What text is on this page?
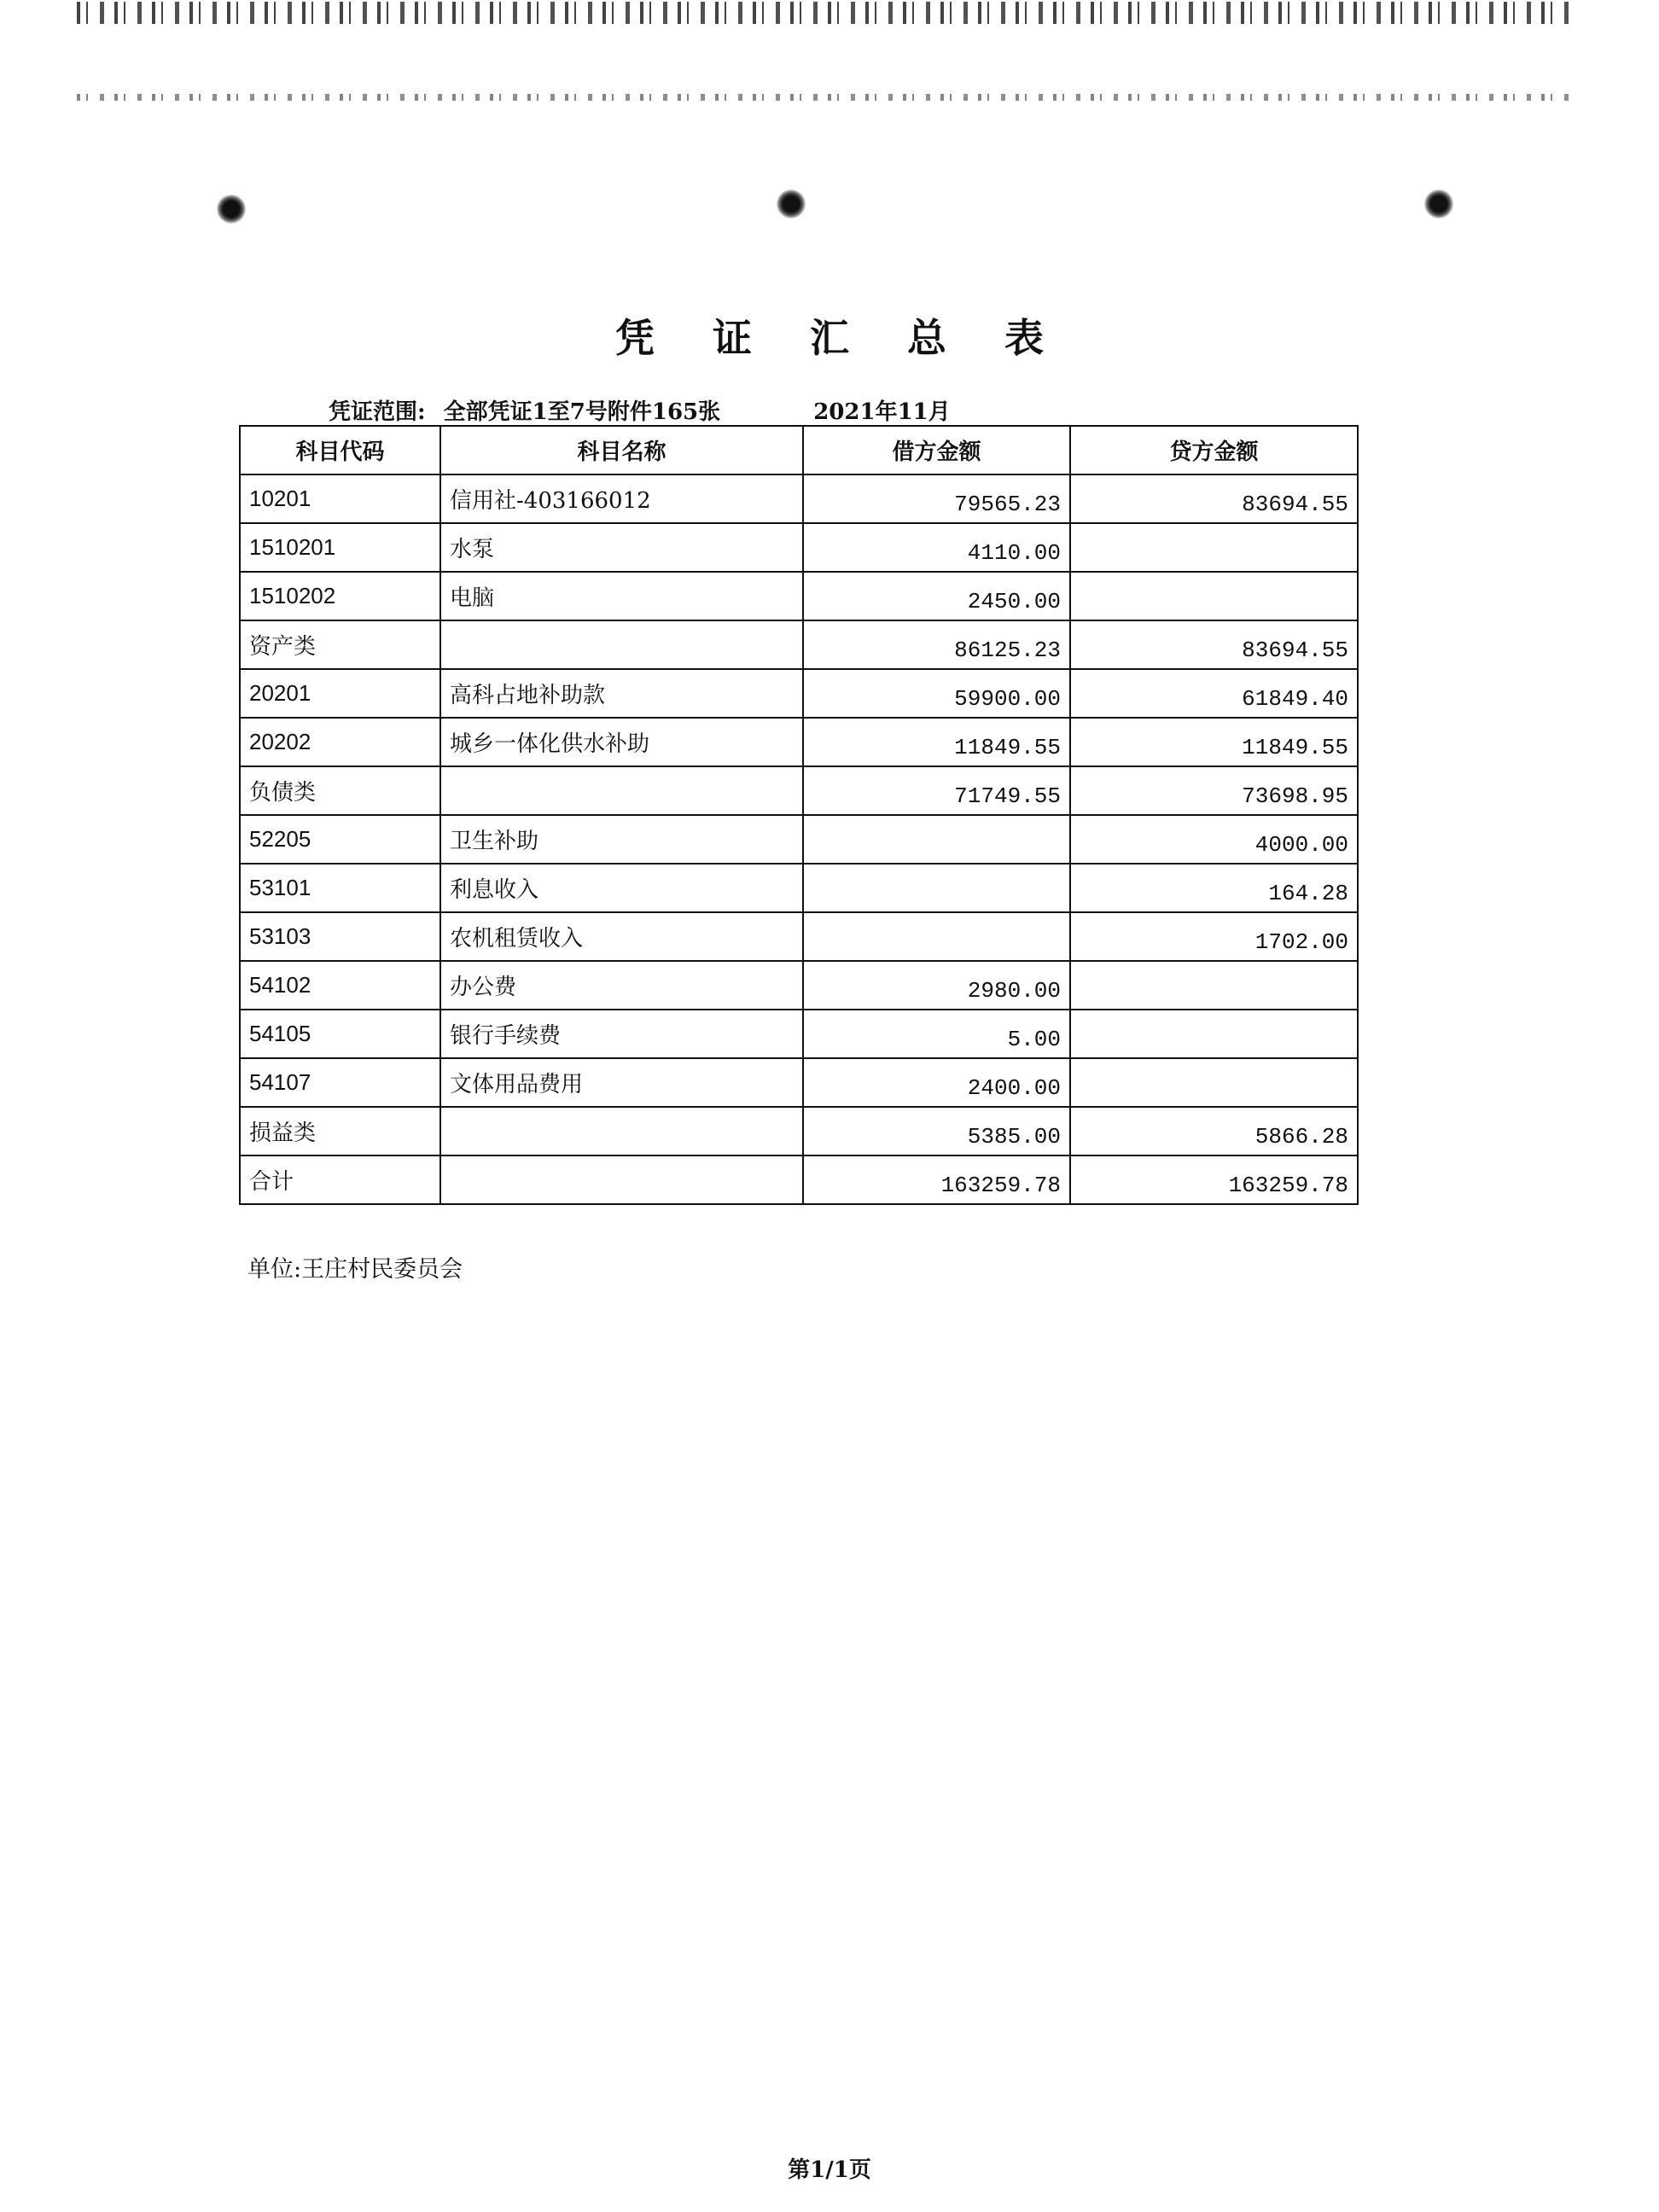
凭 证 汇 总 表
凭证范围: 全部凭证1至7号附件165张	2021年11月
科目代码	科目名称	借方金额	贷方金额
10201	信用社-403166012	79565.23	83694.55
1510201	水泵	4110.00	
1510202	电脑	2450.00	
资产类		86125.23	83694.55
20201	高科占地补助款	59900.00	61849.40
20202	城乡一体化供水补助	11849.55	11849.55
负债类		71749.55	73698.95
52205	卫生补助		4000.00
53101	利息收入		164.28
53103	农机租赁收入		1702.00
54102	办公费	2980.00	
54105	银行手续费	5.00	
54107	文体用品费用	2400.00	
损益类		5385.00	5866.28
合计		163259.78	163259.78
单位:王庄村民委员会
第1/1页
